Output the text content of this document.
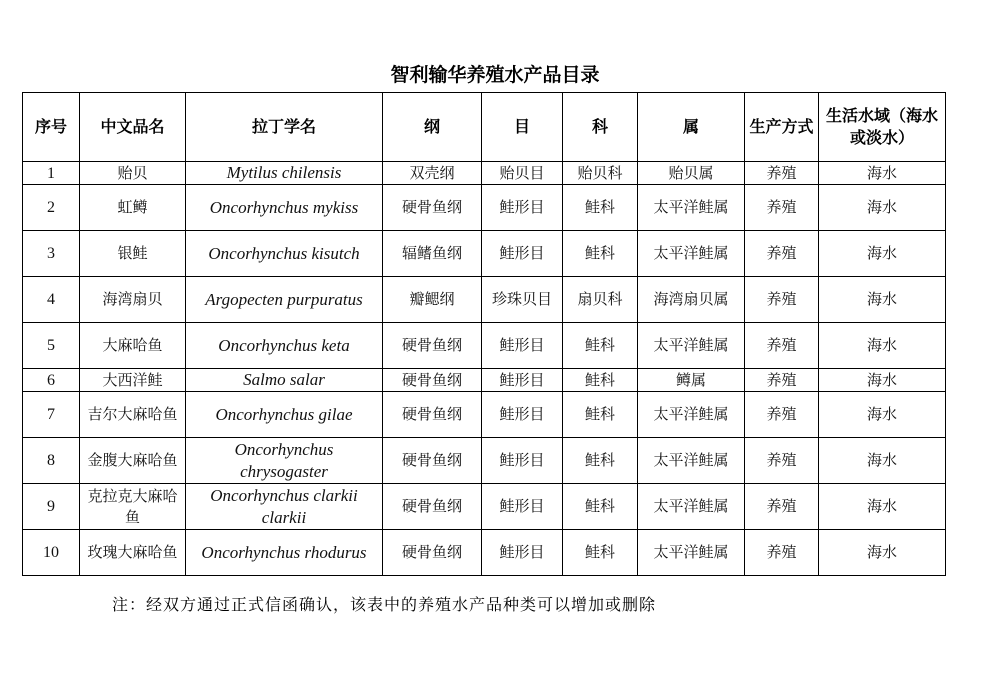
智利输华养殖水产品目录
序号	中文品名	拉丁学名	纲	目	科	属	生产方式	生活水域（海水或淡水）
1	贻贝	Mytilus chilensis	双壳纲	贻贝目	贻贝科	贻贝属	养殖	海水
2	虹鳟	Oncorhynchus mykiss	硬骨鱼纲	鲑形目	鲑科	太平洋鲑属	养殖	海水
3	银鲑	Oncorhynchus kisutch	辐鳍鱼纲	鲑形目	鲑科	太平洋鲑属	养殖	海水
4	海湾扇贝	Argopecten purpuratus	瓣鳃纲	珍珠贝目	扇贝科	海湾扇贝属	养殖	海水
5	大麻哈鱼	Oncorhynchus keta	硬骨鱼纲	鲑形目	鲑科	太平洋鲑属	养殖	海水
6	大西洋鲑	Salmo salar	硬骨鱼纲	鲑形目	鲑科	鳟属	养殖	海水
7	吉尔大麻哈鱼	Oncorhynchus gilae	硬骨鱼纲	鲑形目	鲑科	太平洋鲑属	养殖	海水
8	金腹大麻哈鱼	Oncorhynchus chrysogaster	硬骨鱼纲	鲑形目	鲑科	太平洋鲑属	养殖	海水
9	克拉克大麻哈鱼	Oncorhynchus clarkii clarkii	硬骨鱼纲	鲑形目	鲑科	太平洋鲑属	养殖	海水
10	玫瑰大麻哈鱼	Oncorhynchus rhodurus	硬骨鱼纲	鲑形目	鲑科	太平洋鲑属	养殖	海水
注：经双方通过正式信函确认，该表中的养殖水产品种类可以增加或删除
